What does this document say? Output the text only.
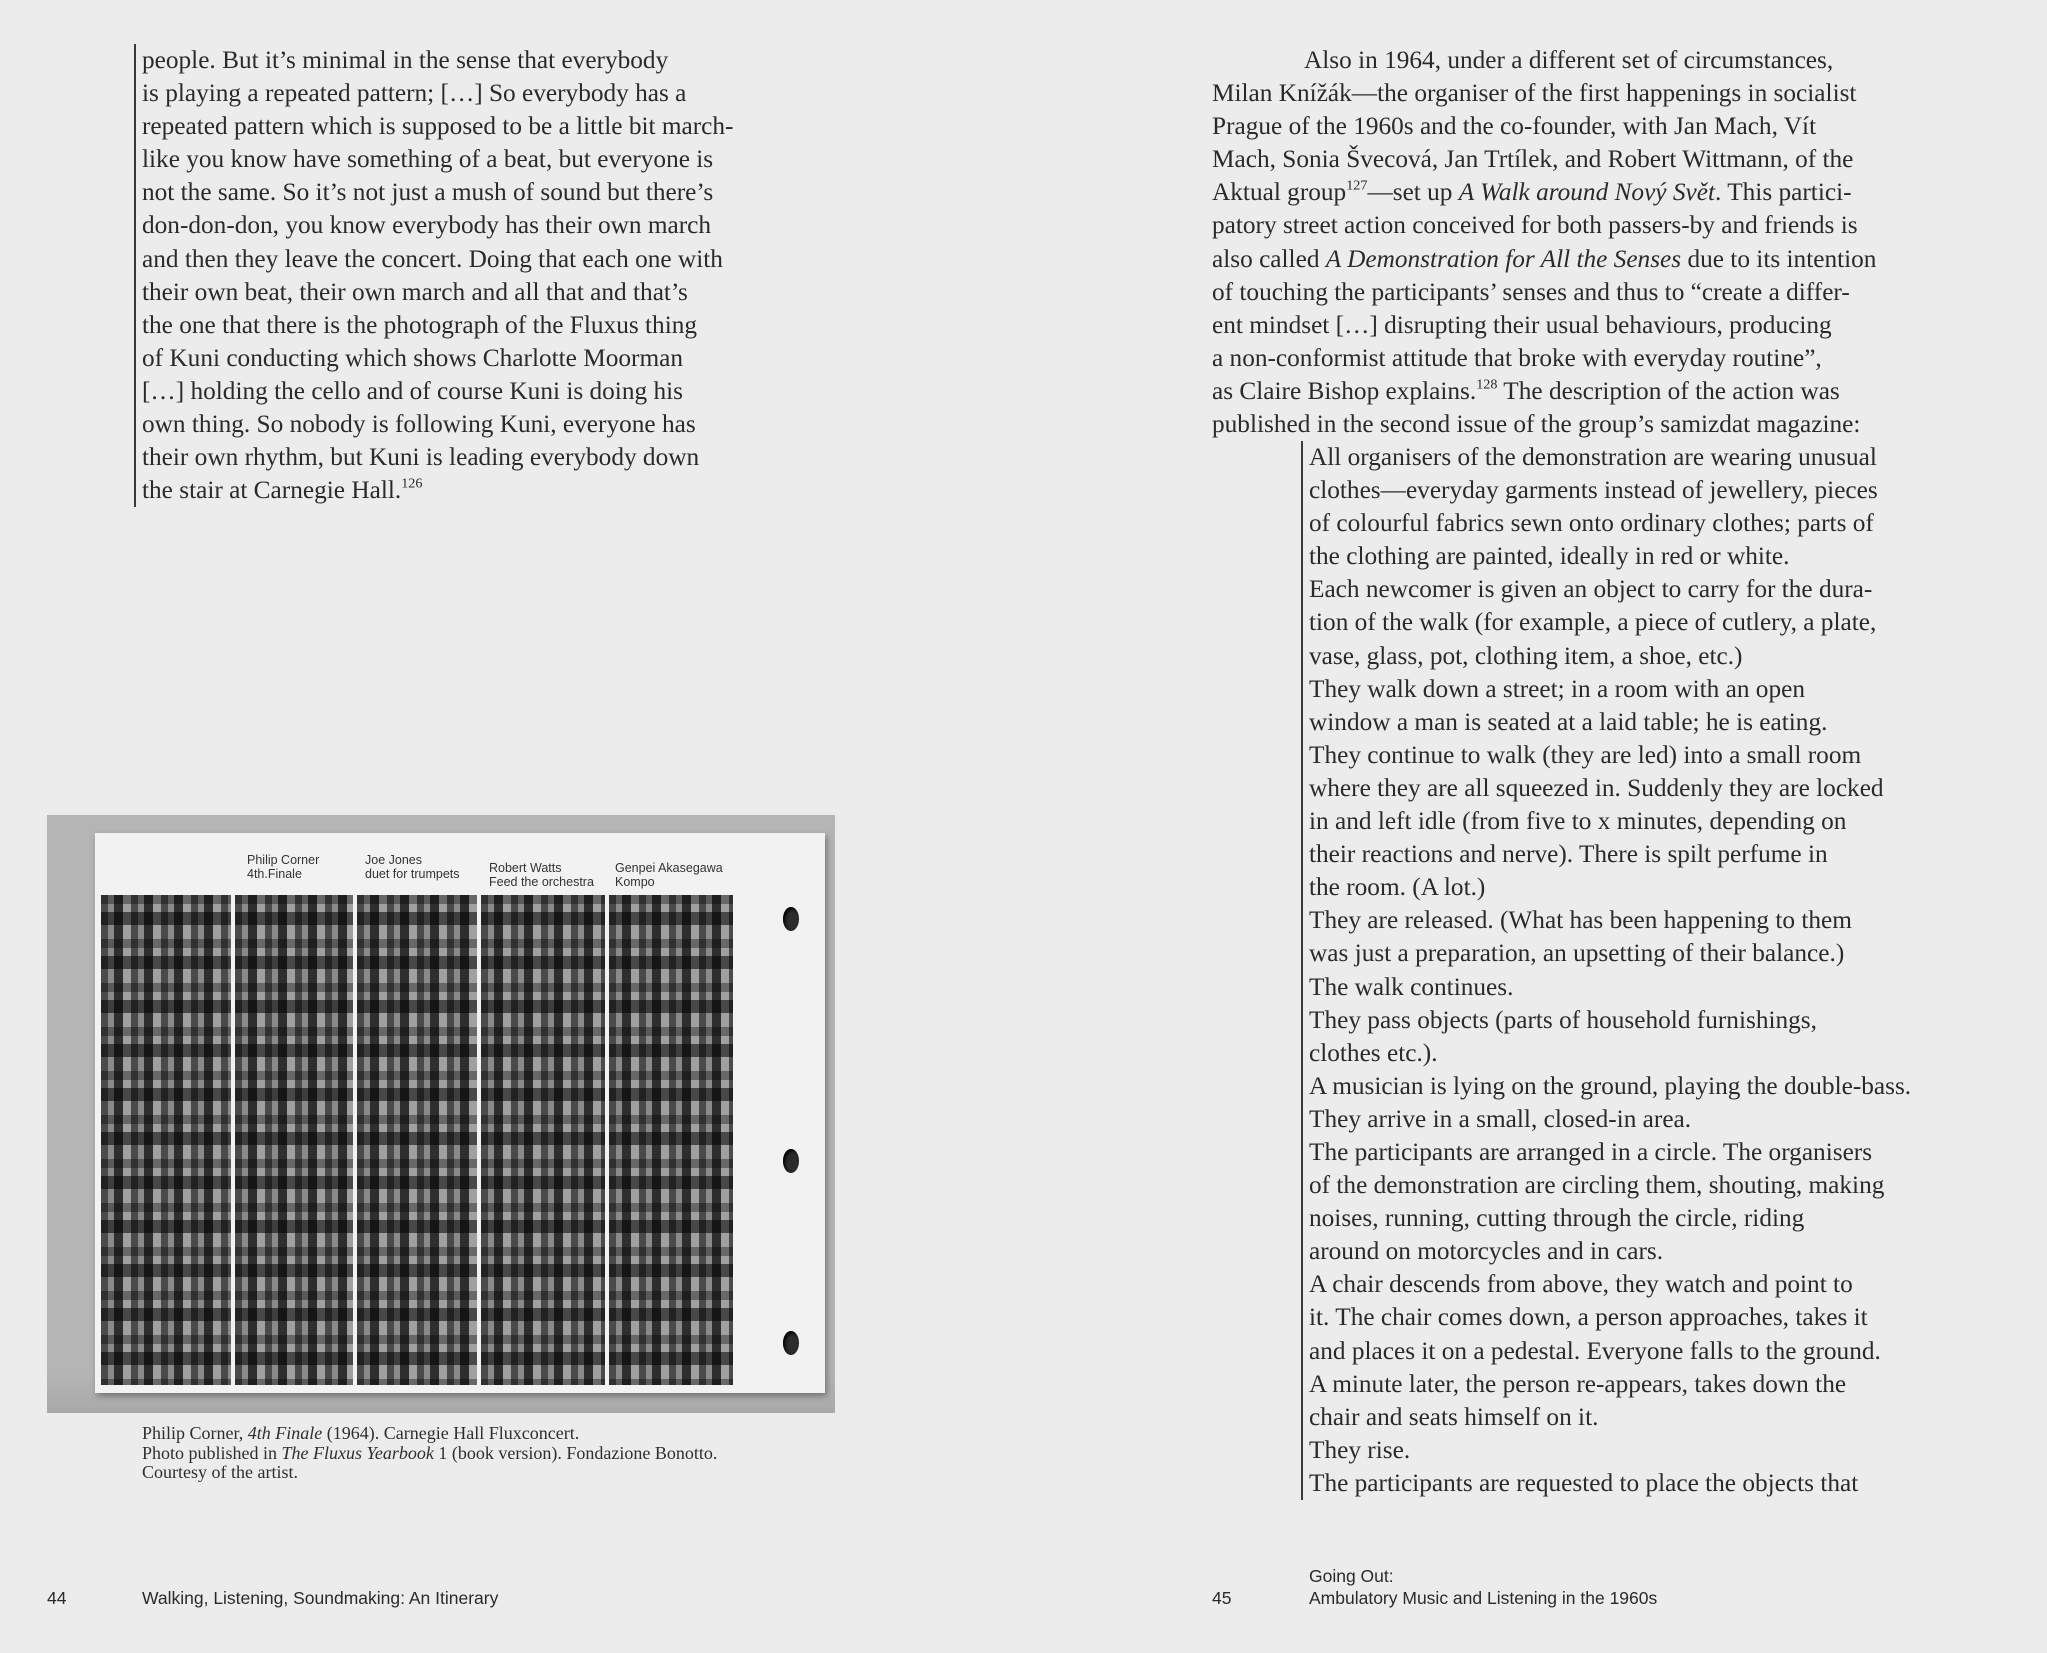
people. But it’s minimal in the sense that everybody

is playing a repeated pattern; […] So everybody has a

repeated pattern which is supposed to be a little bit march-

like you know have something of a beat, but everyone is

not the same. So it’s not just a mush of sound but there’s

don-don-don, you know everybody has their own march

and then they leave the concert. Doing that each one with

their own beat, their own march and all that and that’s

the one that there is the photograph of the Fluxus thing

of Kuni conducting which shows Charlotte Moorman

[…] holding the cello and of course Kuni is doing his

own thing. So nobody is following Kuni, everyone has

their own rhythm, but Kuni is leading everybody down

the stair at Carnegie Hall.$^{126}$

Philip Corner
4th.Finale
Joe Jones
duet for trumpets Robert Watts
Feed the orchestra
Genpei Akasegawa
Kompo

Philip Corner, 4th Finale (1964). Carnegie Hall Fluxconcert.

Photo published in The Fluxus Yearbook 1 (book version). Fondazione Bonotto.

Courtesy of the artist.

44	Walking, Listening, Soundmaking: An Itinerary

Also in 1964, under a different set of circumstances,

Milan Knížák—the organiser of the first happenings in socialist

Prague of the 1960s and the co-founder, with Jan Mach, Vít

Mach, Sonia Švecová, Jan Trtílek, and Robert Wittmann, of the

Aktual group$^{127}$—set up A Walk around Nový Svět. This partici-

patory street action conceived for both passers-by and friends is

also called A Demonstration for All the Senses due to its intention

of touching the participants’ senses and thus to “create a differ-

ent mindset […] disrupting their usual behaviours, producing

a non-conformist attitude that broke with everyday routine”,

as Claire Bishop explains.$^{128}$ The description of the action was

published in the second issue of the group’s samizdat magazine:

All organisers of the demonstration are wearing unusual

clothes—everyday garments instead of jewellery, pieces

of colourful fabrics sewn onto ordinary clothes; parts of

the clothing are painted, ideally in red or white.

Each newcomer is given an object to carry for the dura-

tion of the walk (for example, a piece of cutlery, a plate,

vase, glass, pot, clothing item, a shoe, etc.)

They walk down a street; in a room with an open

window a man is seated at a laid table; he is eating.

They continue to walk (they are led) into a small room

where they are all squeezed in. Suddenly they are locked

in and left idle (from five to x minutes, depending on

their reactions and nerve). There is spilt perfume in

the room. (A lot.)

They are released. (What has been happening to them

was just a preparation, an upsetting of their balance.)

The walk continues.

They pass objects (parts of household furnishings,

clothes etc.).

A musician is lying on the ground, playing the double-bass.

They arrive in a small, closed-in area.

The participants are arranged in a circle. The organisers

of the demonstration are circling them, shouting, making

noises, running, cutting through the circle, riding

around on motorcycles and in cars.

A chair descends from above, they watch and point to

it. The chair comes down, a person approaches, takes it

and places it on a pedestal. Everyone falls to the ground.

A minute later, the person re-appears, takes down the

chair and seats himself on it.

They rise.

The participants are requested to place the objects that

45
Going Out:
Ambulatory Music and Listening in the 1960s
